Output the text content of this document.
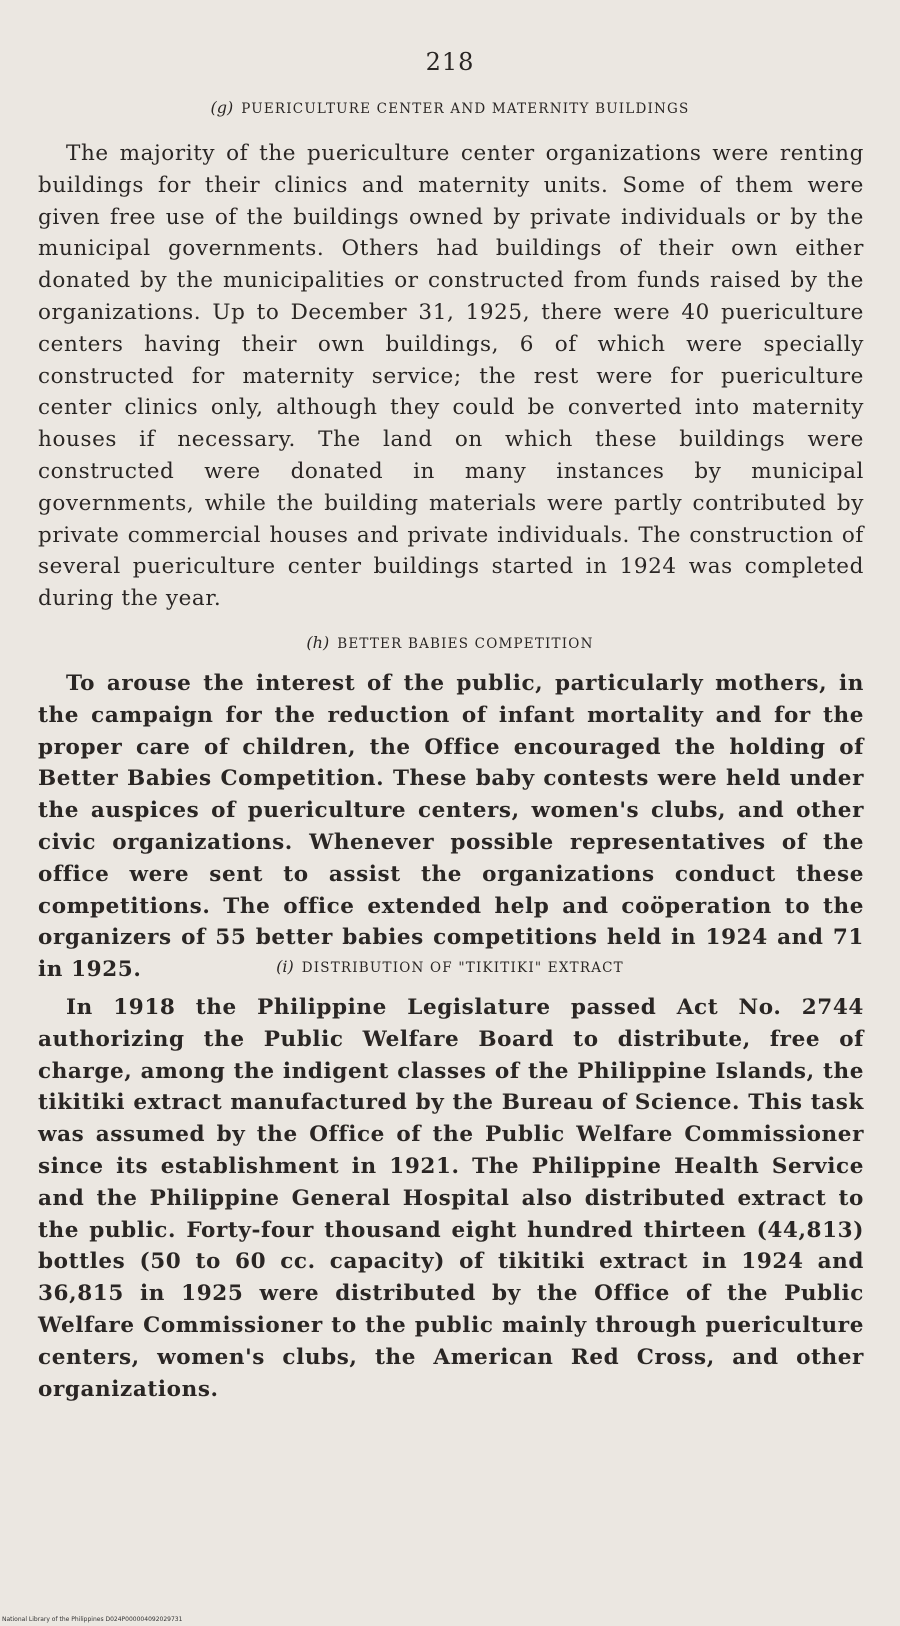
218
(g) PUERICULTURE CENTER AND MATERNITY BUILDINGS

The majority of the puericulture center organizations were renting buildings for their clinics and maternity units. Some of them were given free use of the buildings owned by private individuals or by the municipal governments. Others had buildings of their own either donated by the municipalities or constructed from funds raised by the organizations. Up to December 31, 1925, there were 40 puericulture centers having their own buildings, 6 of which were specially constructed for maternity service; the rest were for puericulture center clinics only, although they could be converted into maternity houses if necessary. The land on which these buildings were constructed were donated in many instances by municipal governments, while the building materials were partly contributed by private commercial houses and private individuals. The construction of several puericulture center buildings started in 1924 was completed during the year.

(h) BETTER BABIES COMPETITION

To arouse the interest of the public, particularly mothers, in the campaign for the reduction of infant mortality and for the proper care of children, the Office encouraged the holding of Better Babies Competition. These baby contests were held under the auspices of puericulture centers, women's clubs, and other civic organizations. Whenever possible representatives of the office were sent to assist the organizations conduct these competitions. The office extended help and coöperation to the organizers of 55 better babies competitions held in 1924 and 71 in 1925.	(i) DISTRIBUTION OF "TIKITIKI" EXTRACT

In 1918 the Philippine Legislature passed Act No. 2744 authorizing the Public Welfare Board to distribute, free of charge, among the indigent classes of the Philippine Islands, the tikitiki extract manufactured by the Bureau of Science. This task was assumed by the Office of the Public Welfare Commissioner since its establishment in 1921. The Philippine Health Service and the Philippine General Hospital also distributed extract to the public. Forty-four thousand eight hundred thirteen (44,813) bottles (50 to 60 cc. capacity) of tikitiki extract in 1924 and 36,815 in 1925 were distributed by the Office of the Public Welfare Commissioner to the public mainly through puericulture centers, women's clubs, the American Red Cross, and other organizations.

National Library of the Philippines D024P000004092029731
